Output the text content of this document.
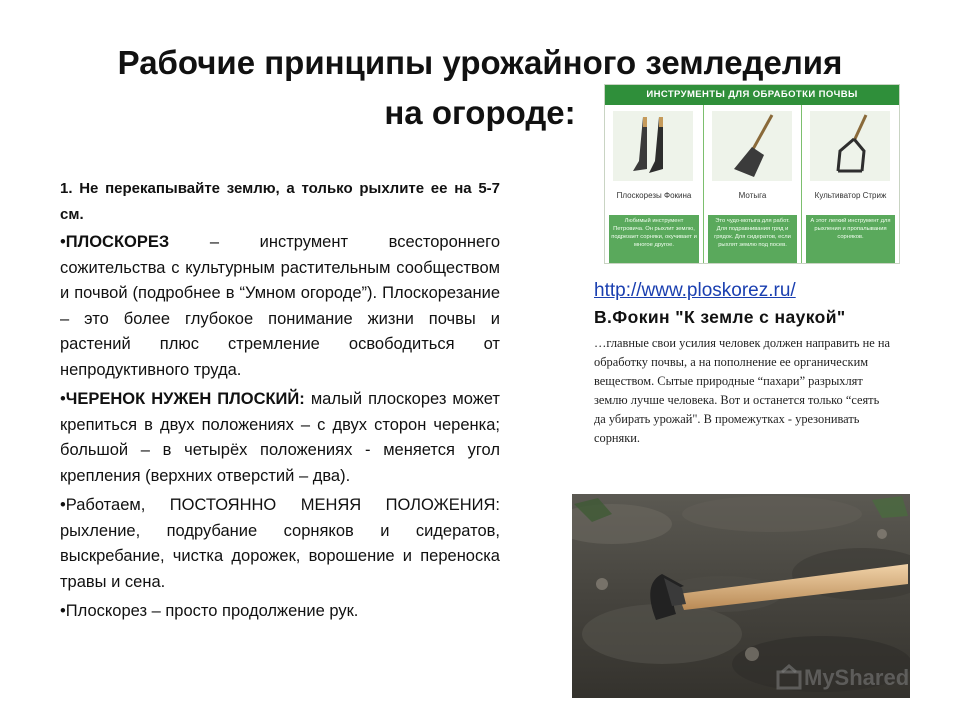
Рабочие принципы урожайного земледелия
на огороде:

1. Не перекапывайте землю, а только рыхлите ее на 5-7 см.

•ПЛОСКОРЕЗ – инструмент всестороннего сожительства с культурным растительным сообществом и почвой (подробнее в “Умном огороде”). Плоскорезание – это более глубокое понимание жизни почвы и растений плюс стремление освободиться от непродуктивного труда.

•ЧЕРЕНОК НУЖЕН ПЛОСКИЙ: малый плоскорез может крепиться в двух положениях – с двух сторон черенка; большой – в четырёх положениях - меняется угол крепления (верхних отверстий – два).

•Работаем, ПОСТОЯННО МЕНЯЯ ПОЛОЖЕНИЯ: рыхление, подрубание сорняков и сидератов, выскребание, чистка дорожек, ворошение и переноска травы и сена.

•Плоскорез – просто продолжение рук.

ИНСТРУМЕНТЫ ДЛЯ ОБРАБОТКИ ПОЧВЫ
Плоскорезы Фокина
Любимый инструмент Петровича. Он рыхлит землю, подрезает сорняки, окучивает и многое другое.
Мотыга
Это чудо-мотыга для работ. Для подравнивания гряд и грядок. Для сидератов, если рыхлят землю под посев.
Культиватор Стриж
А этот легкий инструмент для рыхления и пропалывания сорняков.
http://www.ploskorez.ru/

В.Фокин "К земле с наукой"

…главные свои усилия человек должен направить не на обработку почвы, а на пополнение ее органическим веществом. Сытые природные “пахари” разрыхлят землю лучше человека. Вот и останется только “сеять да убирать урожай". В промежутках - урезонивать сорняки.

MyShared
